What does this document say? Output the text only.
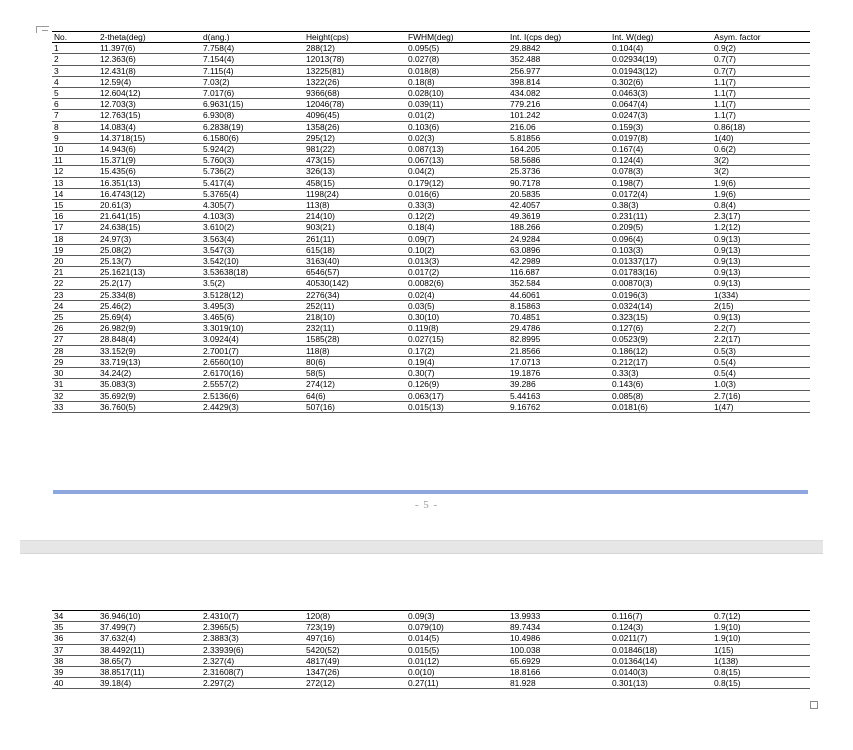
No.	2-theta(deg)	d(ang.)	Height(cps)	FWHM(deg)	Int. I(cps deg)	Int. W(deg)	Asym. factor
1	11.397(6)	7.758(4)	288(12)	0.095(5)	29.8842	0.104(4)	0.9(2)
2	12.363(6)	7.154(4)	12013(78)	0.027(8)	352.488	0.02934(19)	0.7(7)
3	12.431(8)	7.115(4)	13225(81)	0.018(8)	256.977	0.01943(12)	0.7(7)
4	12.59(4)	7.03(2)	1322(26)	0.18(8)	398.814	0.302(6)	1.1(7)
5	12.604(12)	7.017(6)	9366(68)	0.028(10)	434.082	0.0463(3)	1.1(7)
6	12.703(3)	6.9631(15)	12046(78)	0.039(11)	779.216	0.0647(4)	1.1(7)
7	12.763(15)	6.930(8)	4096(45)	0.01(2)	101.242	0.0247(3)	1.1(7)
8	14.083(4)	6.2838(19)	1358(26)	0.103(6)	216.06	0.159(3)	0.86(18)
9	14.3718(15)	6.1580(6)	295(12)	0.02(3)	5.81856	0.0197(8)	1(40)
10	14.943(6)	5.924(2)	981(22)	0.087(13)	164.205	0.167(4)	0.6(2)
11	15.371(9)	5.760(3)	473(15)	0.067(13)	58.5686	0.124(4)	3(2)
12	15.435(6)	5.736(2)	326(13)	0.04(2)	25.3736	0.078(3)	3(2)
13	16.351(13)	5.417(4)	458(15)	0.179(12)	90.7178	0.198(7)	1.9(6)
14	16.4743(12)	5.3765(4)	1198(24)	0.016(6)	20.5835	0.0172(4)	1.9(6)
15	20.61(3)	4.305(7)	113(8)	0.33(3)	42.4057	0.38(3)	0.8(4)
16	21.641(15)	4.103(3)	214(10)	0.12(2)	49.3619	0.231(11)	2.3(17)
17	24.638(15)	3.610(2)	903(21)	0.18(4)	188.266	0.209(5)	1.2(12)
18	24.97(3)	3.563(4)	261(11)	0.09(7)	24.9284	0.096(4)	0.9(13)
19	25.08(2)	3.547(3)	615(18)	0.10(2)	63.0896	0.103(3)	0.9(13)
20	25.13(7)	3.542(10)	3163(40)	0.013(3)	42.2989	0.01337(17)	0.9(13)
21	25.1621(13)	3.53638(18)	6546(57)	0.017(2)	116.687	0.01783(16)	0.9(13)
22	25.2(17)	3.5(2)	40530(142)	0.0082(6)	352.584	0.00870(3)	0.9(13)
23	25.334(8)	3.5128(12)	2276(34)	0.02(4)	44.6061	0.0196(3)	1(334)
24	25.46(2)	3.495(3)	252(11)	0.03(5)	8.15863	0.0324(14)	2(15)
25	25.69(4)	3.465(6)	218(10)	0.30(10)	70.4851	0.323(15)	0.9(13)
26	26.982(9)	3.3019(10)	232(11)	0.119(8)	29.4786	0.127(6)	2.2(7)
27	28.848(4)	3.0924(4)	1585(28)	0.027(15)	82.8995	0.0523(9)	2.2(17)
28	33.152(9)	2.7001(7)	118(8)	0.17(2)	21.8566	0.186(12)	0.5(3)
29	33.719(13)	2.6560(10)	80(6)	0.19(4)	17.0713	0.212(17)	0.5(4)
30	34.24(2)	2.6170(16)	58(5)	0.30(7)	19.1876	0.33(3)	0.5(4)
31	35.083(3)	2.5557(2)	274(12)	0.126(9)	39.286	0.143(6)	1.0(3)
32	35.692(9)	2.5136(6)	64(6)	0.063(17)	5.44163	0.085(8)	2.7(16)
33	36.760(5)	2.4429(3)	507(16)	0.015(13)	9.16762	0.0181(6)	1(47)
- 5 -
34	36.946(10)	2.4310(7)	120(8)	0.09(3)	13.9933	0.116(7)	0.7(12)
35	37.499(7)	2.3965(5)	723(19)	0.079(10)	89.7434	0.124(3)	1.9(10)
36	37.632(4)	2.3883(3)	497(16)	0.014(5)	10.4986	0.0211(7)	1.9(10)
37	38.4492(11)	2.33939(6)	5420(52)	0.015(5)	100.038	0.01846(18)	1(15)
38	38.65(7)	2.327(4)	4817(49)	0.01(12)	65.6929	0.01364(14)	1(138)
39	38.8517(11)	2.31608(7)	1347(26)	0.0(10)	18.8166	0.0140(3)	0.8(15)
40	39.18(4)	2.297(2)	272(12)	0.27(11)	81.928	0.301(13)	0.8(15)
